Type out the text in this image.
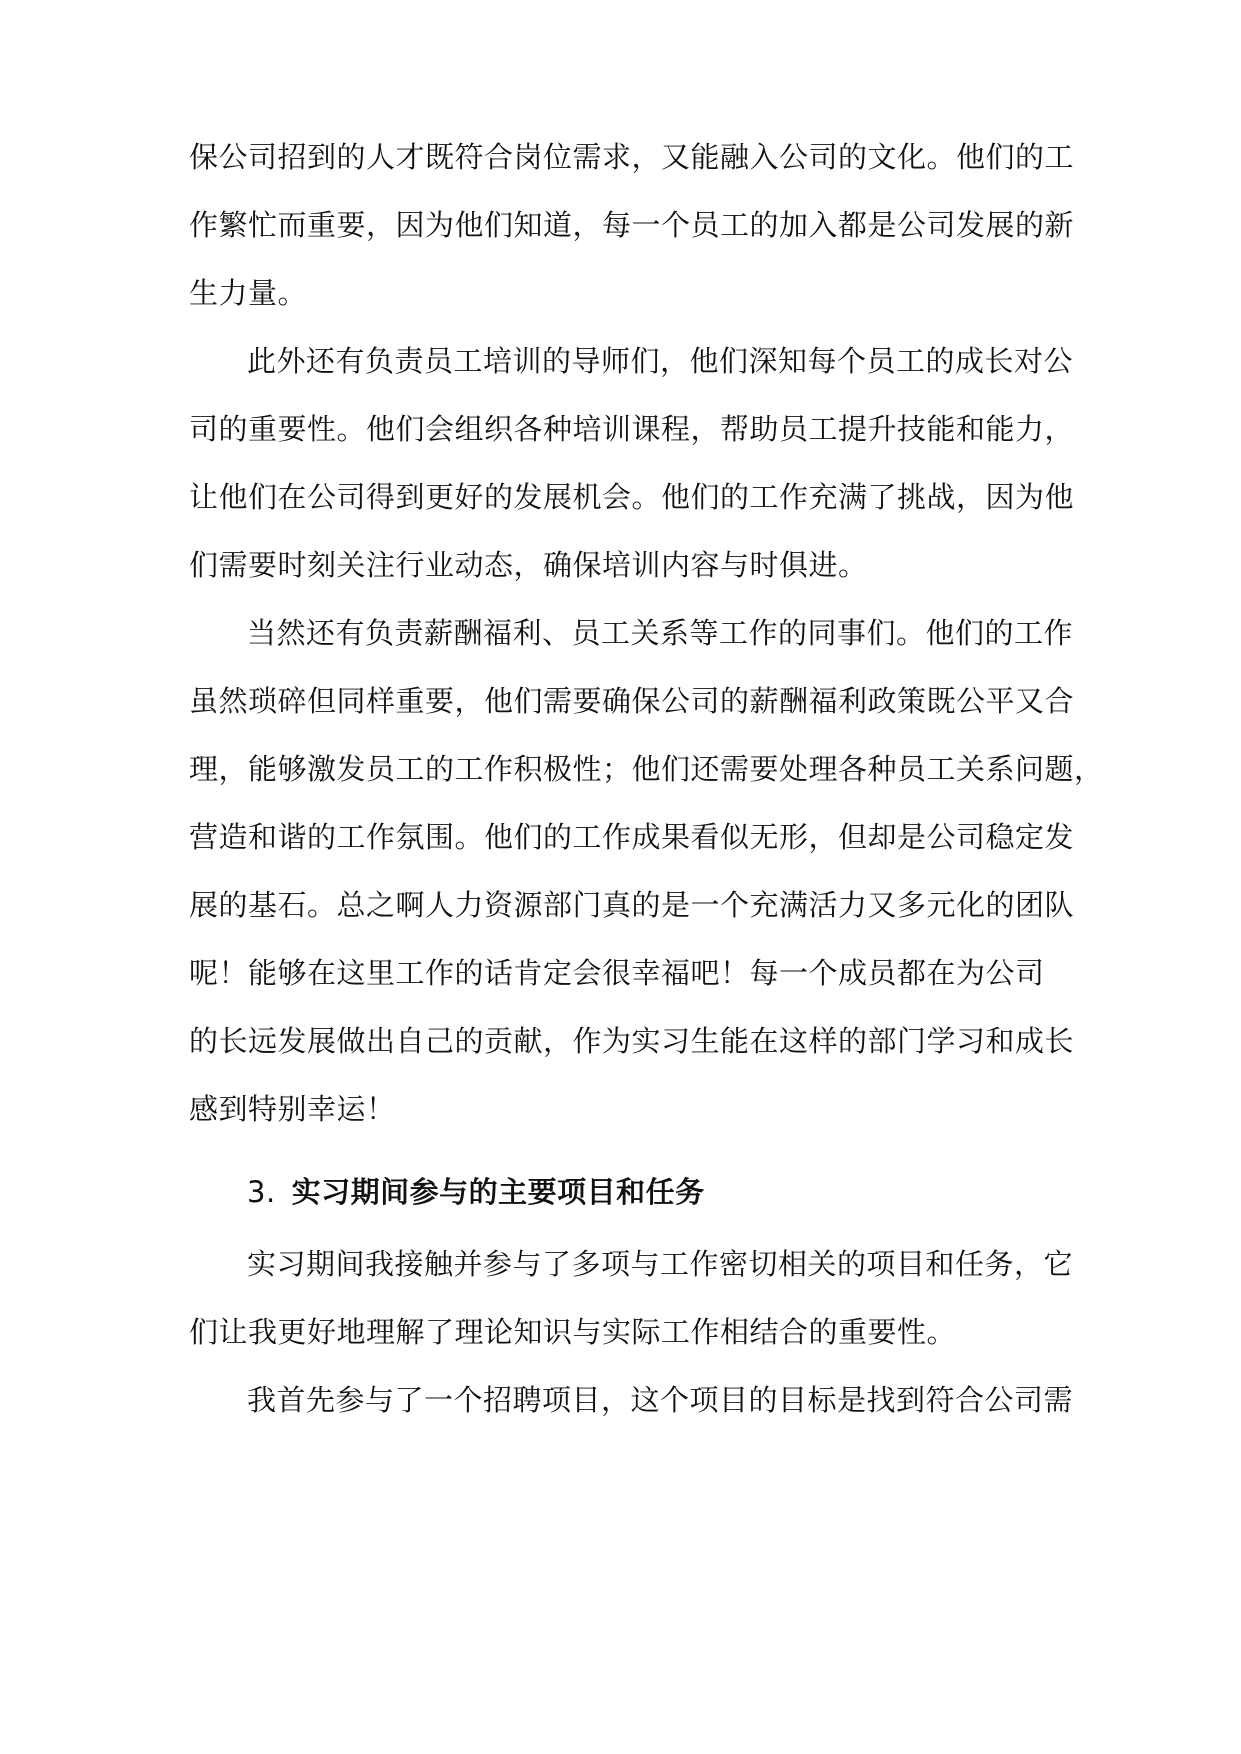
保公司招到的人才既符合岗位需求，又能融入公司的文化。他们的工
作繁忙而重要，因为他们知道，每一个员工的加入都是公司发展的新
生力量。
此外还有负责员工培训的导师们，他们深知每个员工的成长对公
司的重要性。他们会组织各种培训课程，帮助员工提升技能和能力，
让他们在公司得到更好的发展机会。他们的工作充满了挑战，因为他
们需要时刻关注行业动态，确保培训内容与时俱进。
当然还有负责薪酬福利、员工关系等工作的同事们。他们的工作
虽然琐碎但同样重要，他们需要确保公司的薪酬福利政策既公平又合
理，能够激发员工的工作积极性；他们还需要处理各种员工关系问题，
营造和谐的工作氛围。他们的工作成果看似无形，但却是公司稳定发
展的基石。总之啊人力资源部门真的是一个充满活力又多元化的团队
呢！能够在这里工作的话肯定会很幸福吧！每一个成员都在为公司
的长远发展做出自己的贡献，作为实习生能在这样的部门学习和成长
感到特别幸运！
3. 实习期间参与的主要项目和任务
实习期间我接触并参与了多项与工作密切相关的项目和任务，它
们让我更好地理解了理论知识与实际工作相结合的重要性。
我首先参与了一个招聘项目，这个项目的目标是找到符合公司需
